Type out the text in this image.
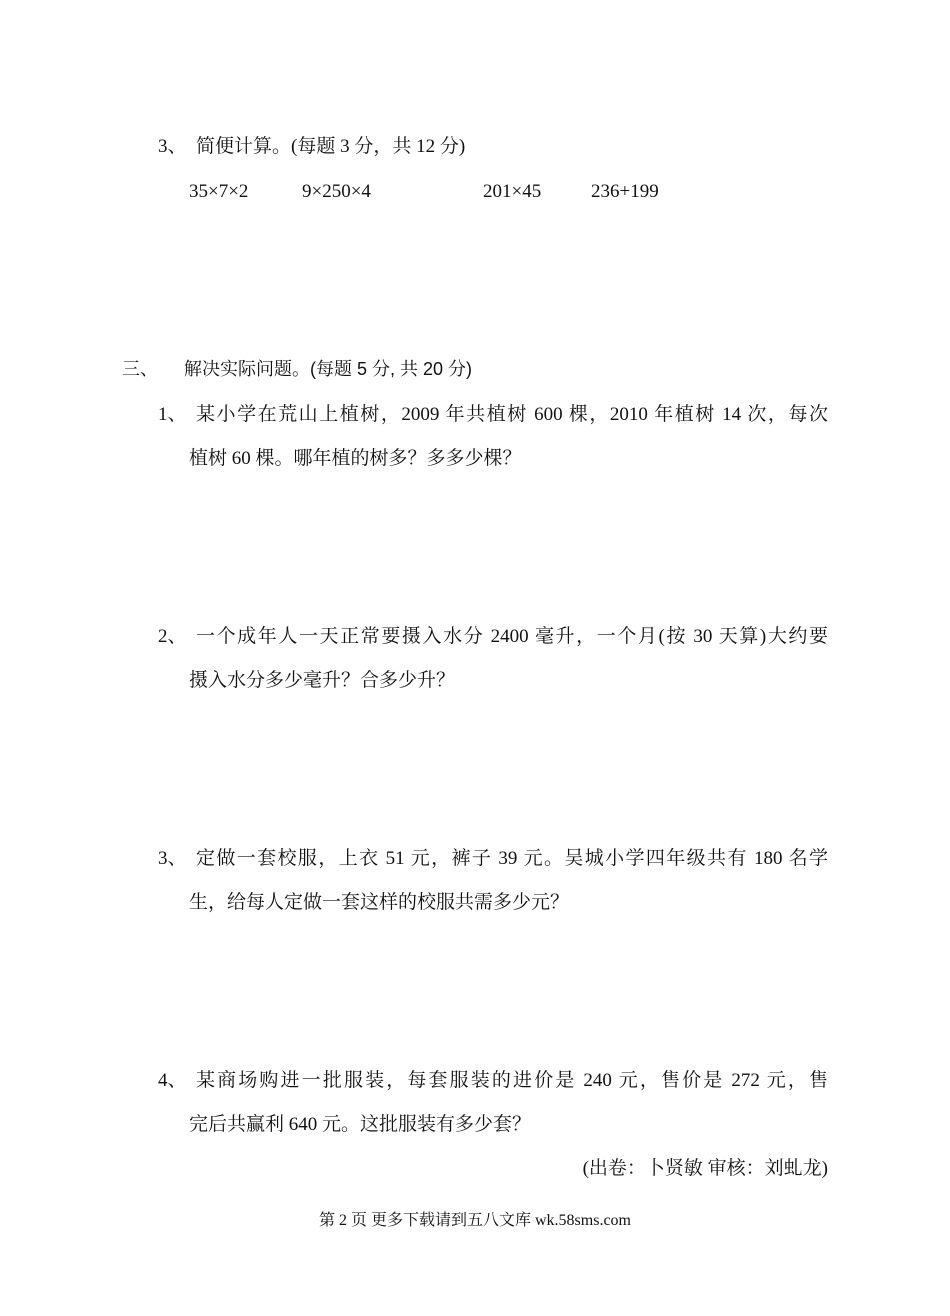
3、 简便计算。(每题 3 分，共 12 分)
35×7×2	9×250×4	201×45	236+199
三、 解决实际问题。(每题 5 分, 共 20 分)
1、 某小学在荒山上植树，2009 年共植树 600 棵，2010 年植树 14 次，每次
植树 60 棵。哪年植的树多？多多少棵？
2、 一个成年人一天正常要摄入水分 2400 毫升，一个月(按 30 天算)大约要
摄入水分多少毫升？合多少升？
3、 定做一套校服，上衣 51 元，裤子 39 元。吴城小学四年级共有 180 名学
生，给每人定做一套这样的校服共需多少元？
4、 某商场购进一批服装，每套服装的进价是 240 元，售价是 272 元，售
完后共赢利 640 元。这批服装有多少套？
(出卷：卜贤敏 审核：刘虬龙)
第 2 页 更多下载请到五八文库 wk.58sms.com
